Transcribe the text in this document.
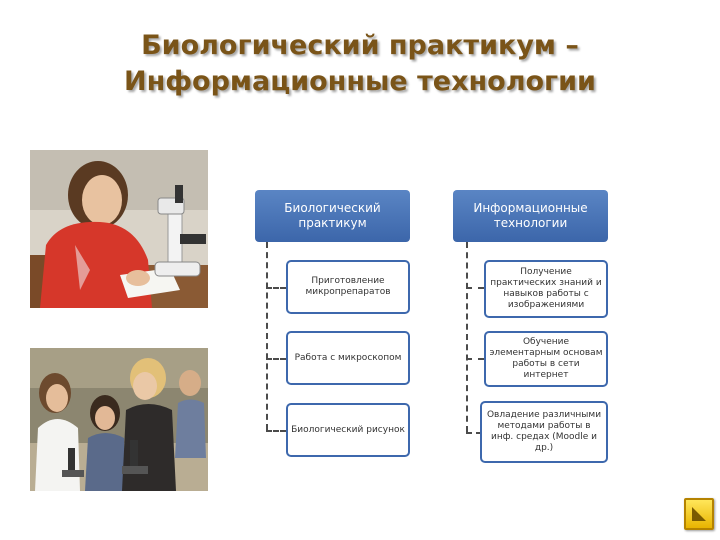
Биологический практикум –
Информационные технологии
Биологический практикум
Приготовление микропрепаратов
Работа с микроскопом
Биологический рисунок
Информационные технологии
Получение практических знаний и навыков работы с изображениями
Обучение элементарным основам работы в сети интернет
Овладение различными методами работы в инф. средах (Moodle и др.)
